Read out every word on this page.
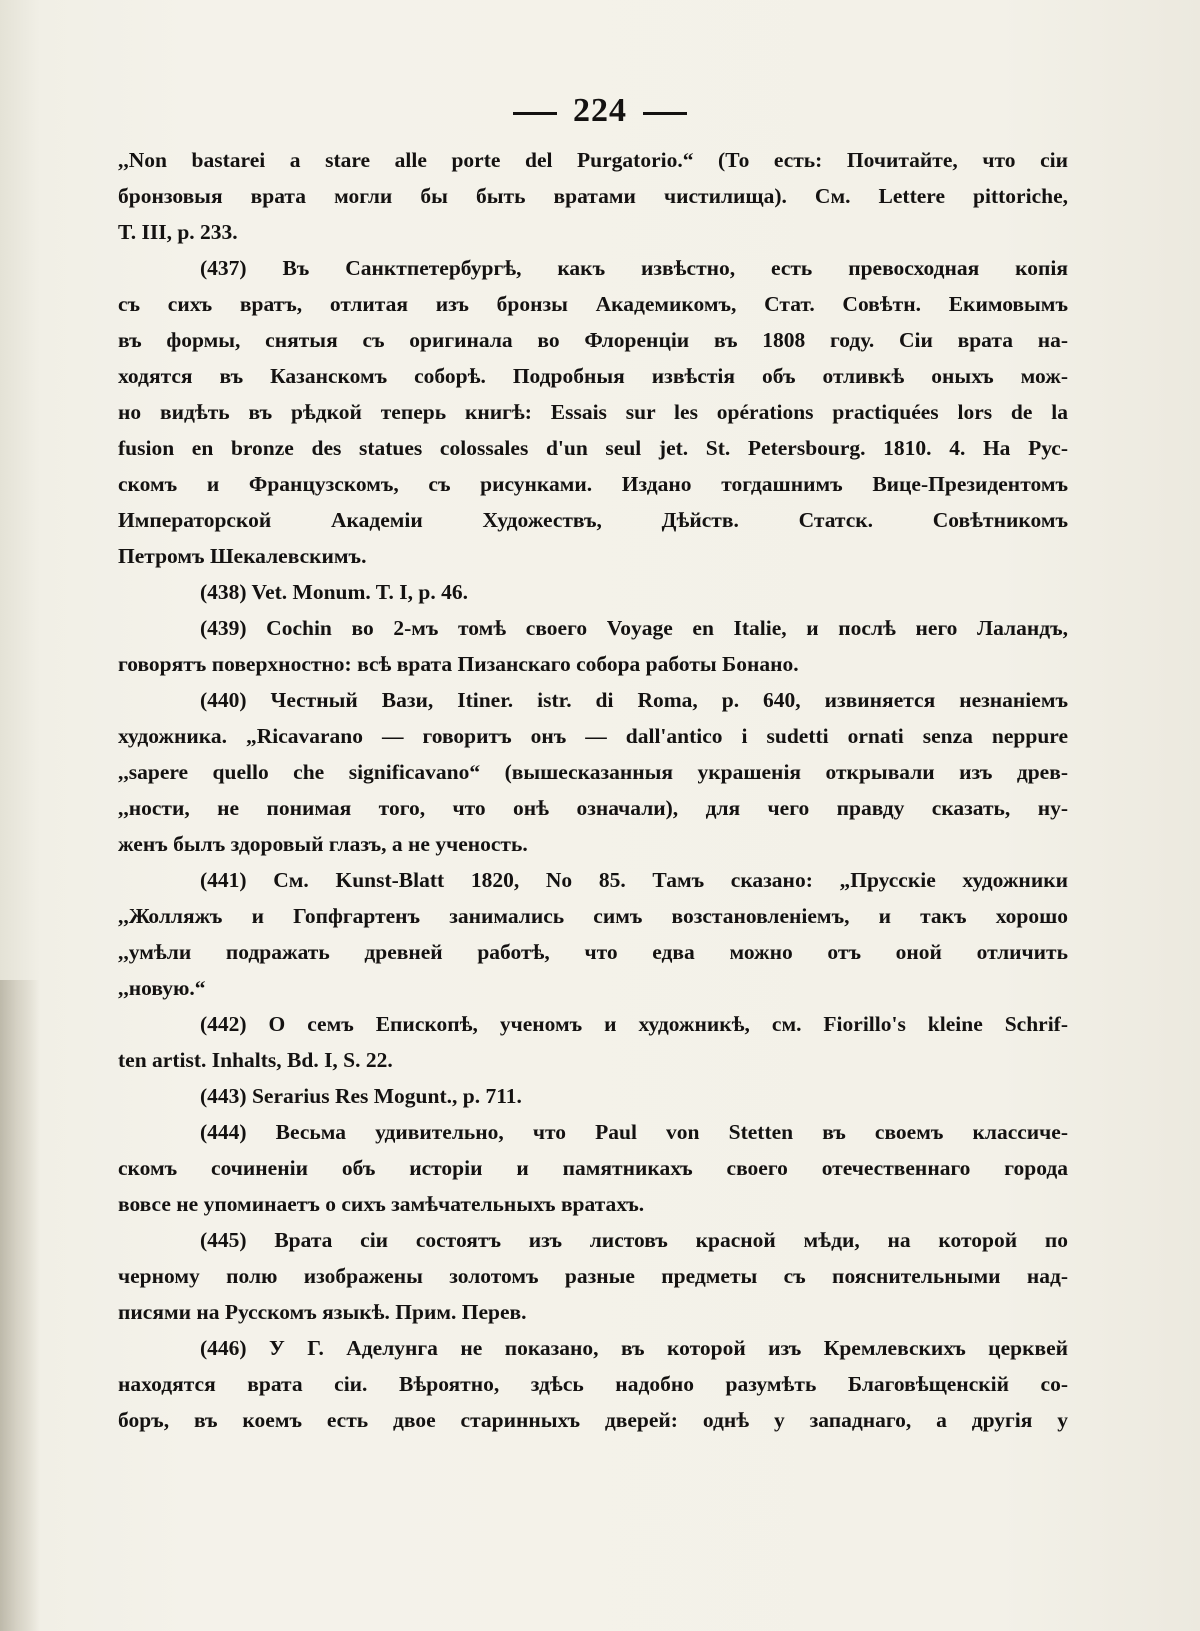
224
,,Non bastarei a stare alle porte del Purgatorio.“ (То есть: Почитайте, что сіи
бронзовыя врата могли бы быть вратами чистилища). См. Lettere pittoriche,
T. III, p. 233.
(437) Въ Санктпетербургѣ, какъ извѣстно, есть превосходная копія
съ сихъ вратъ, отлитая изъ бронзы Академикомъ, Стат. Совѣтн. Екимовымъ
въ формы, снятыя съ оригинала во Флоренціи въ 1808 году. Сіи врата на-
ходятся въ Казанскомъ соборѣ. Подробныя извѣстія объ отливкѣ оныхъ мож-
но видѣть въ рѣдкой теперь книгѣ: Essais sur les opérations practiquées lors de la
fusion en bronze des statues colossales d'un seul jet. St. Petersbourg. 1810. 4. На Рус-
скомъ и Французскомъ, съ рисунками. Издано тогдашнимъ Вице-Президентомъ
Императорской Академіи Художествъ, Дѣйств. Статск. Совѣтникомъ
Петромъ Шекалевскимъ.
(438) Vet. Monum. T. I, p. 46.
(439) Cochin во 2-мъ томѣ своего Voyage en Italie, и послѣ него Лаландъ,
говорятъ поверхностно: всѣ врата Пизанскаго собора работы Бонано.
(440) Честный Вази, Itiner. istr. di Roma, p. 640, извиняется незнаніемъ
художника. „Ricavarano — говоритъ онъ — dall'antico i sudetti ornati senza neppure
,,sapere quello che significavano“ (вышесказанныя украшенія открывали изъ древ-
,,ности, не понимая того, что онѣ означали), для чего правду сказать, ну-
женъ былъ здоровый глазъ, а не ученость.
(441) См. Kunst-Blatt 1820, No 85. Тамъ сказано: „Прусскіе художники
,,Жолляжъ и Гопфгартенъ занимались симъ возстановленіемъ, и такъ хорошо
,,умѣли подражать древней работѣ, что едва можно отъ оной отличить
,,новую.“
(442) О семъ Епископѣ, ученомъ и художникѣ, см. Fiorillo's kleine Schrif-
ten artist. Inhalts, Bd. I, S. 22.
(443) Serarius Res Mogunt., p. 711.
(444) Весьма удивительно, что Paul von Stetten въ своемъ классиче-
скомъ сочиненіи объ исторіи и памятникахъ своего отечественнаго города
вовсе не упоминаетъ о сихъ замѣчательныхъ вратахъ.
(445) Врата сіи состоятъ изъ листовъ красной мѣди, на которой по
черному полю изображены золотомъ разные предметы съ пояснительными над-
писями на Русскомъ языкѣ. Прим. Перев.
(446) У Г. Аделунга не показано, въ которой изъ Кремлевскихъ церквей
находятся врата сіи. Вѣроятно, здѣсь надобно разумѣть Благовѣщенскій со-
боръ, въ коемъ есть двое старинныхъ дверей: однѣ у западнаго, а другія у
